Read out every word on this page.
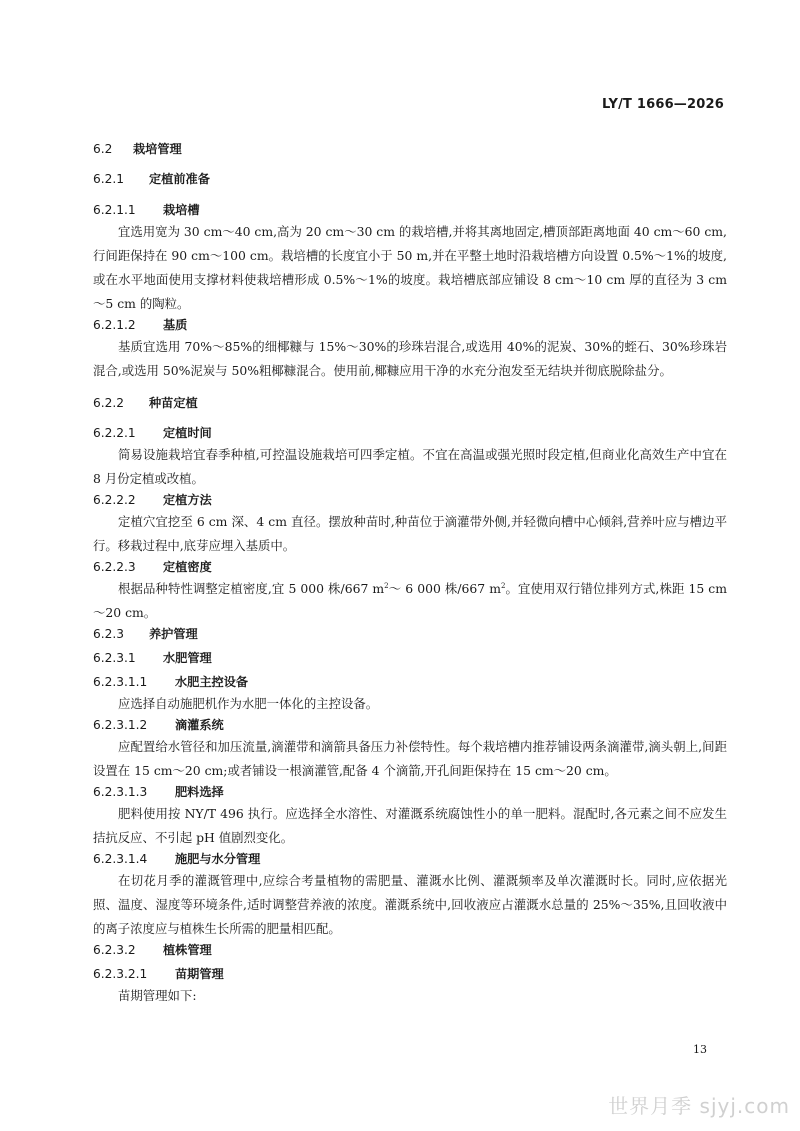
LY/T 1666—2026
6.2 栽培管理
6.2.1 定植前准备
6.2.1.1 栽培槽

宜选用宽为 30 cm～40 cm,高为 20 cm～30 cm 的栽培槽,并将其离地固定,槽顶部距离地面 40 cm～60 cm,行间距保持在 90 cm～100 cm。栽培槽的长度宜小于 50 m,并在平整土地时沿栽培槽方向设置 0.5%～1%的坡度,或在水平地面使用支撑材料使栽培槽形成 0.5%～1%的坡度。栽培槽底部应铺设 8 cm～10 cm 厚的直径为 3 cm～5 cm 的陶粒。

6.2.1.2 基质

基质宜选用 70%～85%的细椰糠与 15%～30%的珍珠岩混合,或选用 40%的泥炭、30%的蛭石、30%珍珠岩混合,或选用 50%泥炭与 50%粗椰糠混合。使用前,椰糠应用干净的水充分泡发至无结块并彻底脱除盐分。

6.2.2 种苗定植
6.2.2.1 定植时间

简易设施栽培宜春季种植,可控温设施栽培可四季定植。不宜在高温或强光照时段定植,但商业化高效生产中宜在 8 月份定植或改植。

6.2.2.2 定植方法

定植穴宜挖至 6 cm 深、4 cm 直径。摆放种苗时,种苗位于滴灌带外侧,并轻微向槽中心倾斜,营养叶应与槽边平行。移栽过程中,底芽应埋入基质中。

6.2.2.3 定植密度

根据品种特性调整定植密度,宜 5 000 株/667 $m^2\sim$ 6 000 株/667 $m^2$。宜使用双行错位排列方式,株距 15 cm～20 cm。

6.2.3 养护管理
6.2.3.1 水肥管理
6.2.3.1.1 水肥主控设备

应选择自动施肥机作为水肥一体化的主控设备。

6.2.3.1.2 滴灌系统

应配置给水管径和加压流量,滴灌带和滴箭具备压力补偿特性。每个栽培槽内推荐铺设两条滴灌带,滴头朝上,间距设置在 15 cm～20 cm;或者铺设一根滴灌管,配备 4 个滴箭,开孔间距保持在 15 cm～20 cm。

6.2.3.1.3 肥料选择

肥料使用按 NY/T 496 执行。应选择全水溶性、对灌溉系统腐蚀性小的单一肥料。混配时,各元素之间不应发生拮抗反应、不引起 pH 值剧烈变化。

6.2.3.1.4 施肥与水分管理

在切花月季的灌溉管理中,应综合考量植物的需肥量、灌溉水比例、灌溉频率及单次灌溉时长。同时,应依据光照、温度、湿度等环境条件,适时调整营养液的浓度。灌溉系统中,回收液应占灌溉水总量的 25%～35%,且回收液中的离子浓度应与植株生长所需的肥量相匹配。

6.2.3.2 植株管理
6.2.3.2.1 苗期管理

苗期管理如下:

13
世界月季 sjyj.com
